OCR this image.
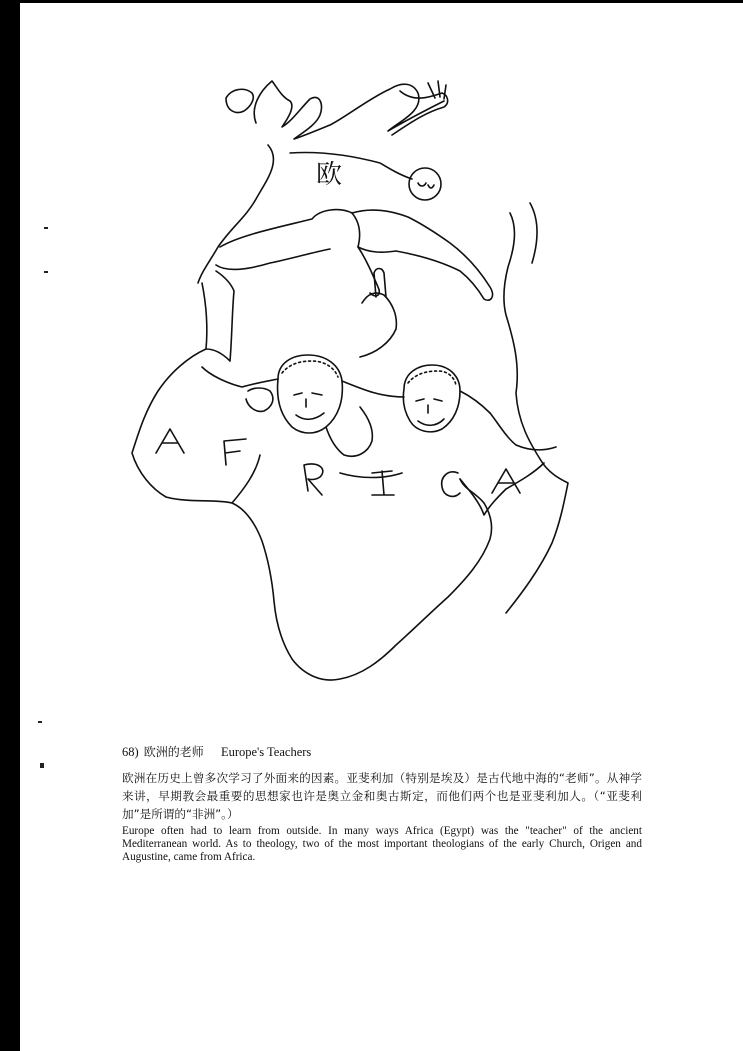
欧
68) 欧洲的老师 Europe's Teachers
欧洲在历史上曾多次学习了外面来的因素。亚斐利加（特别是埃及）是古代地中海的“老师”。从神学来讲，早期教会最重要的思想家也许是奥立金和奥古斯定，而他们两个也是亚斐利加人。（“亚斐利加”是所谓的“非洲”。）
Europe often had to learn from outside. In many ways Africa (Egypt) was the "teacher" of the ancient Mediterranean world. As to theology, two of the most important theologians of the early Church, Origen and Augustine, came from Africa.
